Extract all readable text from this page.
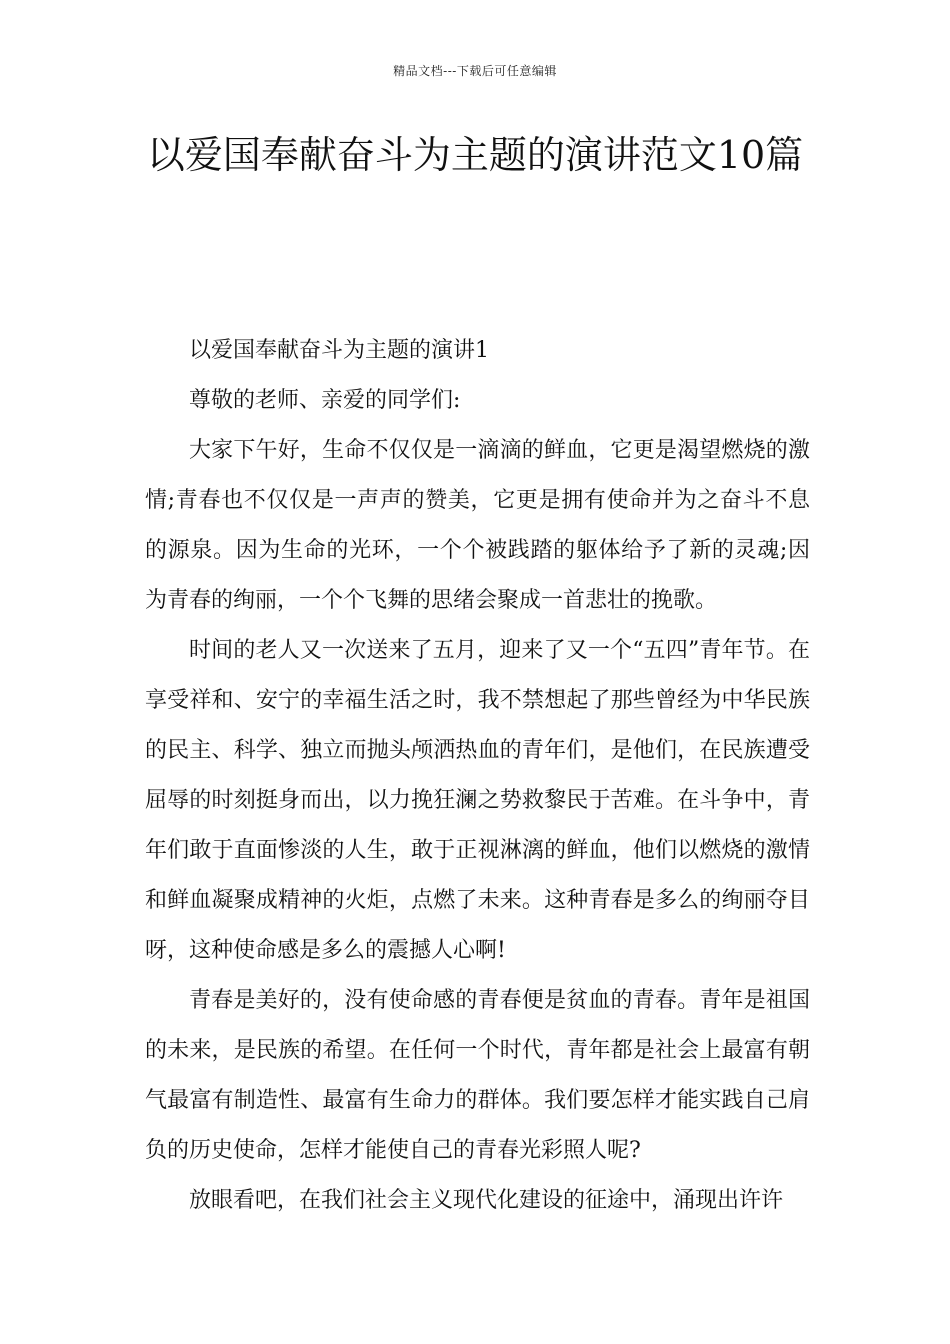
精品文档---下载后可任意编辑
以爱国奉献奋斗为主题的演讲范文10篇

以爱国奉献奋斗为主题的演讲1

尊敬的老师、亲爱的同学们:

大家下午好，生命不仅仅是一滴滴的鲜血，它更是渴望燃烧的激情;青春也不仅仅是一声声的赞美，它更是拥有使命并为之奋斗不息的源泉。因为生命的光环，一个个被践踏的躯体给予了新的灵魂;因为青春的绚丽，一个个飞舞的思绪会聚成一首悲壮的挽歌。

时间的老人又一次送来了五月，迎来了又一个“五四”青年节。在享受祥和、安宁的幸福生活之时，我不禁想起了那些曾经为中华民族的民主、科学、独立而抛头颅洒热血的青年们，是他们，在民族遭受屈辱的时刻挺身而出，以力挽狂澜之势救黎民于苦难。在斗争中，青年们敢于直面惨淡的人生，敢于正视淋漓的鲜血，他们以燃烧的激情和鲜血凝聚成精神的火炬，点燃了未来。这种青春是多么的绚丽夺目呀，这种使命感是多么的震撼人心啊!

青春是美好的，没有使命感的青春便是贫血的青春。青年是祖国的未来，是民族的希望。在任何一个时代，青年都是社会上最富有朝气最富有制造性、最富有生命力的群体。我们要怎样才能实践自己肩负的历史使命，怎样才能使自己的青春光彩照人呢?

放眼看吧，在我们社会主义现代化建设的征途中，涌现出许许
